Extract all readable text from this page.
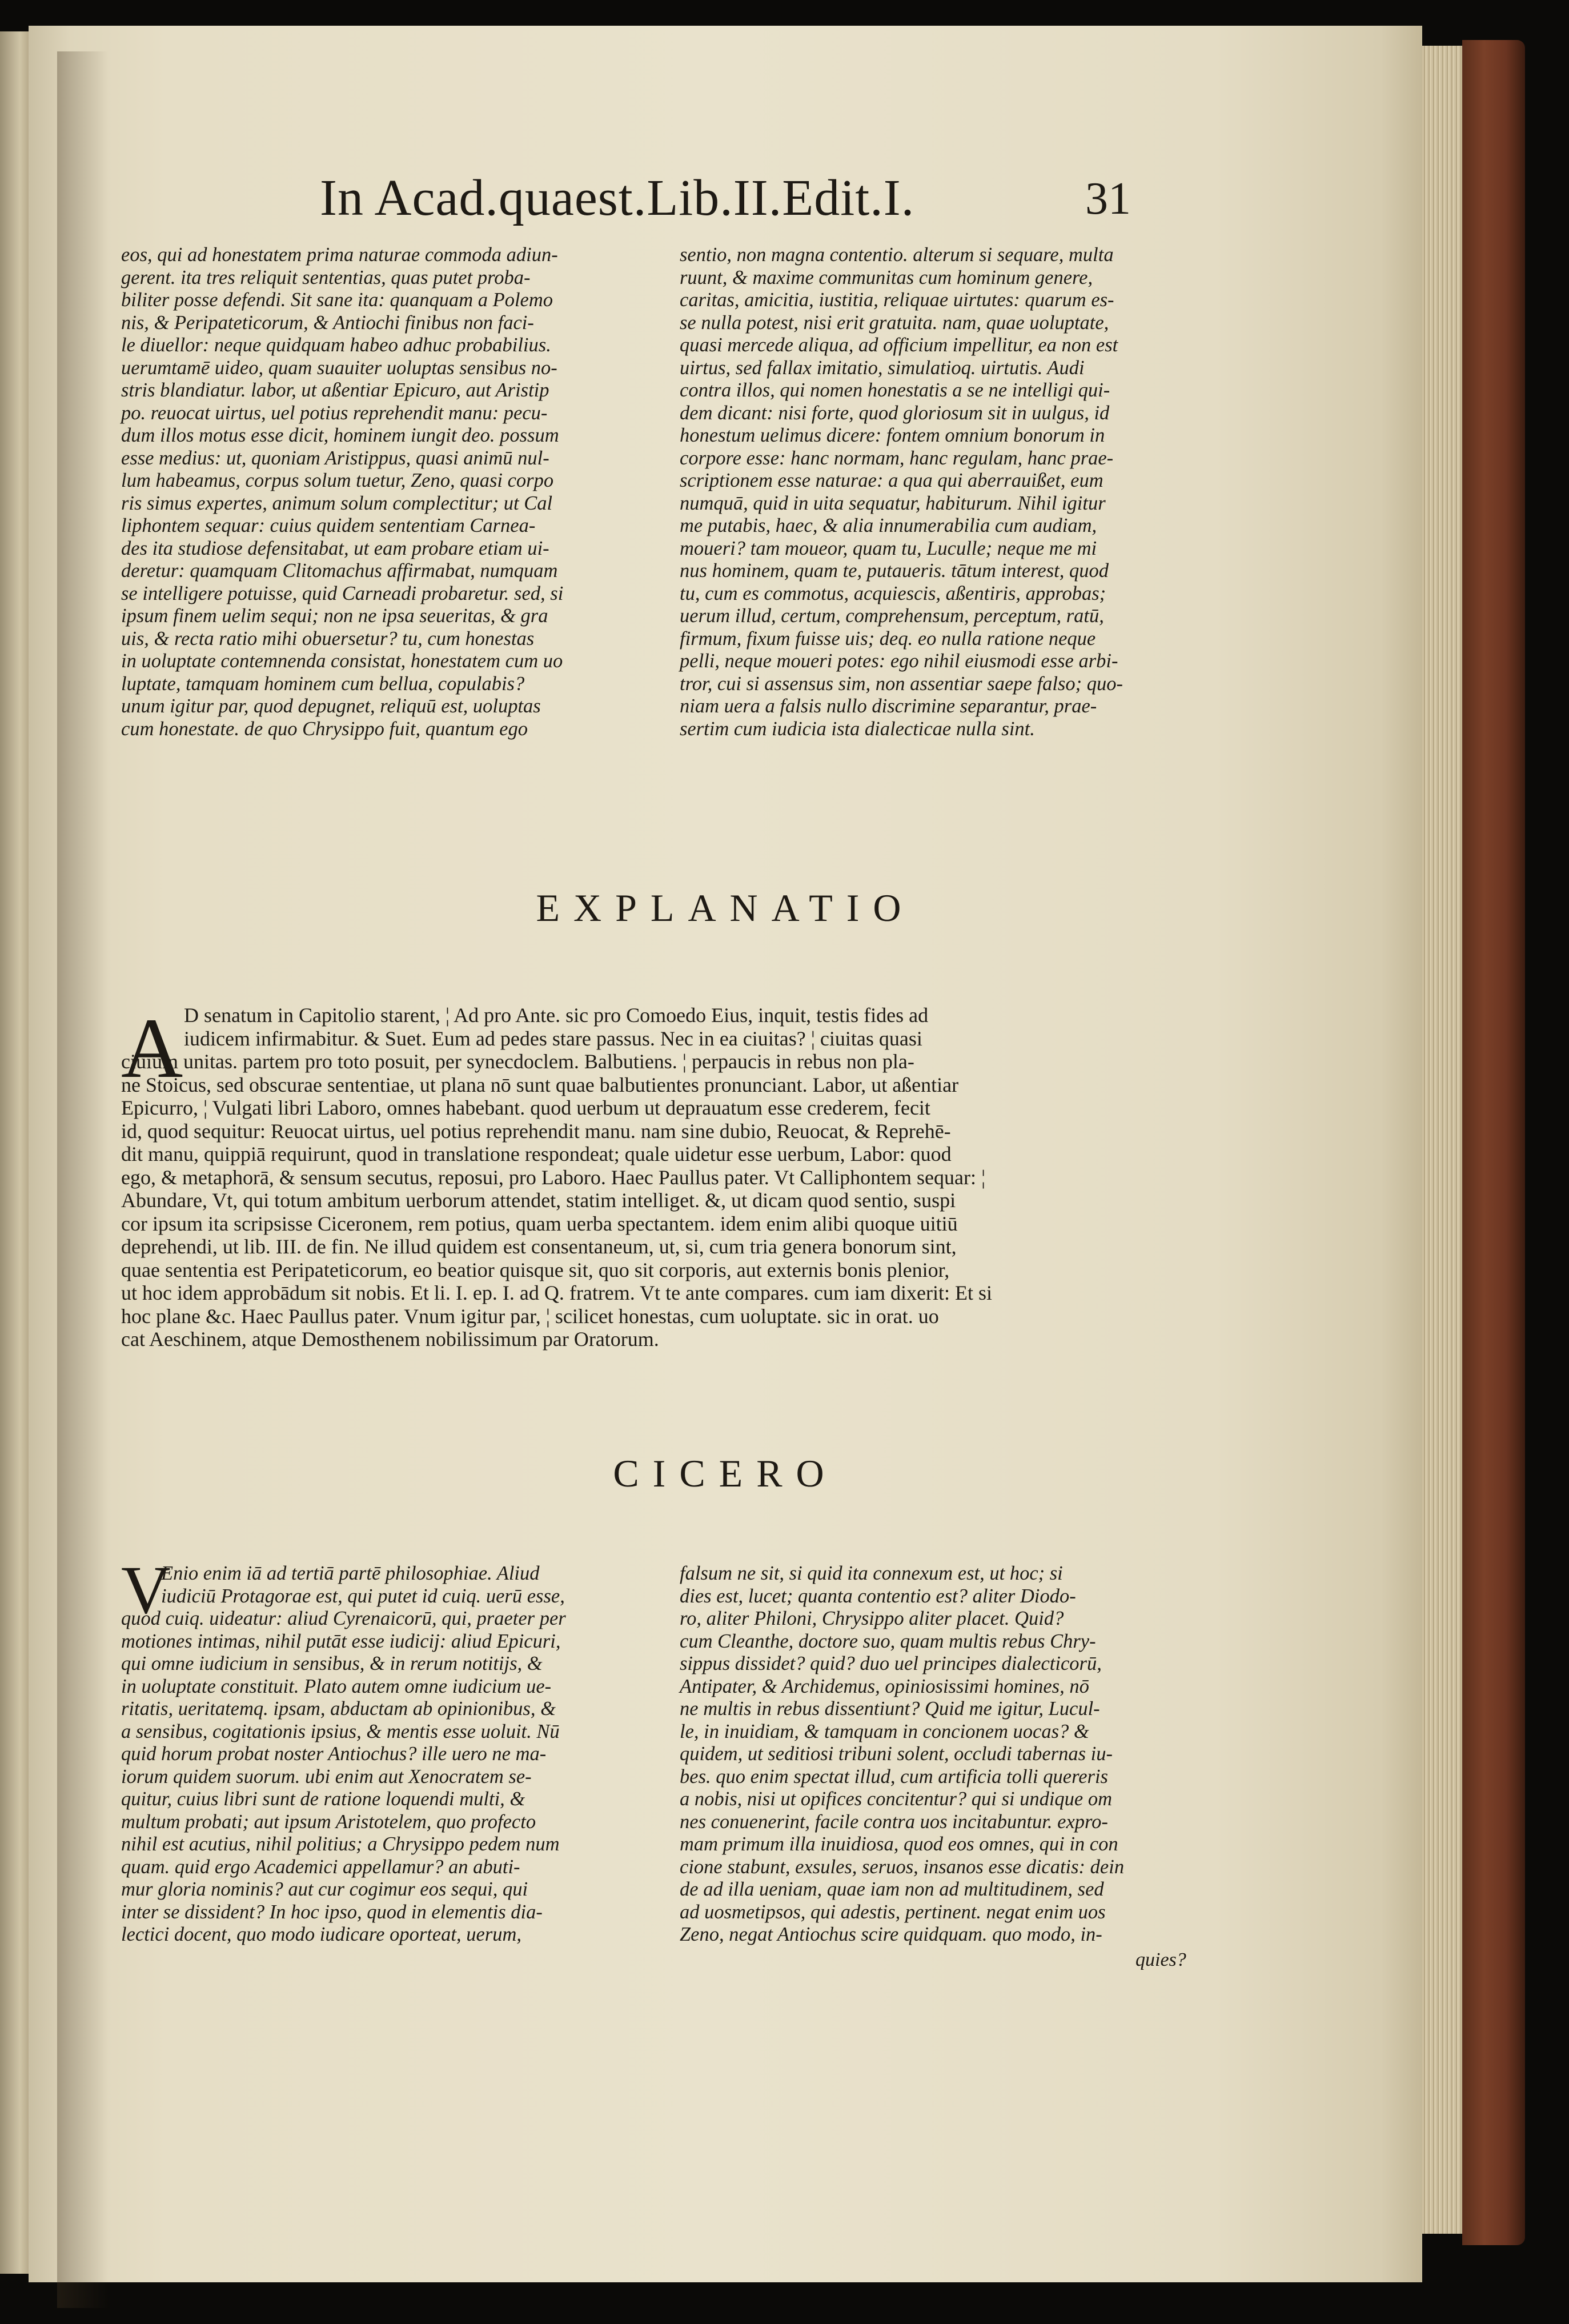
In Acad.quaest.Lib.II.Edit.I.	31
eos, qui ad honestatem prima naturae commoda adiun-
gerent. ita tres reliquit sententias, quas putet proba-
biliter posse defendi. Sit sane ita: quanquam a Polemo
nis, & Peripateticorum, & Antiochi finibus non faci-
le diuellor: neque quidquam habeo adhuc probabilius.
uerumtamē uideo, quam suauiter uoluptas sensibus no-
stris blandiatur. labor, ut aßentiar Epicuro, aut Aristip
po. reuocat uirtus, uel potius reprehendit manu: pecu-
dum illos motus esse dicit, hominem iungit deo. possum
esse medius: ut, quoniam Aristippus, quasi animū nul-
lum habeamus, corpus solum tuetur, Zeno, quasi corpo
ris simus expertes, animum solum complectitur; ut Cal
liphontem sequar: cuius quidem sententiam Carnea-
des ita studiose defensitabat, ut eam probare etiam ui-
deretur: quamquam Clitomachus affirmabat, numquam
se intelligere potuisse, quid Carneadi probaretur. sed, si
ipsum finem uelim sequi; non ne ipsa seueritas, & gra
uis, & recta ratio mihi obuersetur? tu, cum honestas
in uoluptate contemnenda consistat, honestatem cum uo
luptate, tamquam hominem cum bellua, copulabis?
unum igitur par, quod depugnet, reliquū est, uoluptas
cum honestate. de quo Chrysippo fuit, quantum ego
sentio, non magna contentio. alterum si sequare, multa
ruunt, & maxime communitas cum hominum genere,
caritas, amicitia, iustitia, reliquae uirtutes: quarum es-
se nulla potest, nisi erit gratuita. nam, quae uoluptate,
quasi mercede aliqua, ad officium impellitur, ea non est
uirtus, sed fallax imitatio, simulatioq. uirtutis. Audi
contra illos, qui nomen honestatis a se ne intelligi qui-
dem dicant: nisi forte, quod gloriosum sit in uulgus, id
honestum uelimus dicere: fontem omnium bonorum in
corpore esse: hanc normam, hanc regulam, hanc prae-
scriptionem esse naturae: a qua qui aberrauißet, eum
numquā, quid in uita sequatur, habiturum. Nihil igitur
me putabis, haec, & alia innumerabilia cum audiam,
moueri? tam moueor, quam tu, Luculle; neque me mi
nus hominem, quam te, putaueris. tātum interest, quod
tu, cum es commotus, acquiescis, aßentiris, approbas;
uerum illud, certum, comprehensum, perceptum, ratū,
firmum, fixum fuisse uis; deq. eo nulla ratione neque
pelli, neque moueri potes: ego nihil eiusmodi esse arbi-
tror, cui si assensus sim, non assentiar saepe falso; quo-
niam uera a falsis nullo discrimine separantur, prae-
sertim cum iudicia ista dialecticae nulla sint.
EXPLANATIO
A D senatum in Capitolio starent, ¦ Ad pro Ante. sic pro Comoedo Eius, inquit, testis fides ad
iudicem infirmabitur. & Suet. Eum ad pedes stare passus. Nec in ea ciuitas? ¦ ciuitas quasi
ciuium unitas. partem pro toto posuit, per synecdoclem. Balbutiens. ¦ perpaucis in rebus non pla-
ne Stoicus, sed obscurae sententiae, ut plana nō sunt quae balbutientes pronunciant. Labor, ut aßentiar
Epicurro, ¦ Vulgati libri Laboro, omnes habebant. quod uerbum ut deprauatum esse crederem, fecit
id, quod sequitur: Reuocat uirtus, uel potius reprehendit manu. nam sine dubio, Reuocat, & Reprehē-
dit manu, quippiā requirunt, quod in translatione respondeat; quale uidetur esse uerbum, Labor: quod
ego, & metaphorā, & sensum secutus, reposui, pro Laboro. Haec Paullus pater. Vt Calliphontem sequar: ¦
Abundare, Vt, qui totum ambitum uerborum attendet, statim intelliget. &, ut dicam quod sentio, suspi
cor ipsum ita scripsisse Ciceronem, rem potius, quam uerba spectantem. idem enim alibi quoque uitiū
deprehendi, ut lib. III. de fin. Ne illud quidem est consentaneum, ut, si, cum tria genera bonorum sint,
quae sententia est Peripateticorum, eo beatior quisque sit, quo sit corporis, aut externis bonis plenior,
ut hoc idem approbādum sit nobis. Et li. I. ep. I. ad Q. fratrem. Vt te ante compares. cum iam dixerit: Et si
hoc plane &c. Haec Paullus pater. Vnum igitur par, ¦ scilicet honestas, cum uoluptate. sic in orat. uo
cat Aeschinem, atque Demosthenem nobilissimum par Oratorum.
CICERO
V
Enio enim iā ad tertiā partē philosophiae. Aliud
iudiciū Protagorae est, qui putet id cuiq. uerū esse,
quod cuiq. uideatur: aliud Cyrenaicorū, qui, praeter per
motiones intimas, nihil putāt esse iudicij: aliud Epicuri,
qui omne iudicium in sensibus, & in rerum notitijs, &
in uoluptate constituit. Plato autem omne iudicium ue-
ritatis, ueritatemq. ipsam, abductam ab opinionibus, &
a sensibus, cogitationis ipsius, & mentis esse uoluit. Nū
quid horum probat noster Antiochus? ille uero ne ma-
iorum quidem suorum. ubi enim aut Xenocratem se-
quitur, cuius libri sunt de ratione loquendi multi, &
multum probati; aut ipsum Aristotelem, quo profecto
nihil est acutius, nihil politius; a Chrysippo pedem num
quam. quid ergo Academici appellamur? an abuti-
mur gloria nominis? aut cur cogimur eos sequi, qui
inter se dissident? In hoc ipso, quod in elementis dia-
lectici docent, quo modo iudicare oporteat, uerum,
falsum ne sit, si quid ita connexum est, ut hoc; si
dies est, lucet; quanta contentio est? aliter Diodo-
ro, aliter Philoni, Chrysippo aliter placet. Quid?
cum Cleanthe, doctore suo, quam multis rebus Chry-
sippus dissidet? quid? duo uel principes dialecticorū,
Antipater, & Archidemus, opiniosissimi homines, nō
ne multis in rebus dissentiunt? Quid me igitur, Lucul-
le, in inuidiam, & tamquam in concionem uocas? &
quidem, ut seditiosi tribuni solent, occludi tabernas iu-
bes. quo enim spectat illud, cum artificia tolli quereris
a nobis, nisi ut opifices concitentur? qui si undique om
nes conuenerint, facile contra uos incitabuntur. expro-
mam primum illa inuidiosa, quod eos omnes, qui in con
cione stabunt, exsules, seruos, insanos esse dicatis: dein
de ad illa ueniam, quae iam non ad multitudinem, sed
ad uosmetipsos, qui adestis, pertinent. negat enim uos
Zeno, negat Antiochus scire quidquam. quo modo, in-
quies?
